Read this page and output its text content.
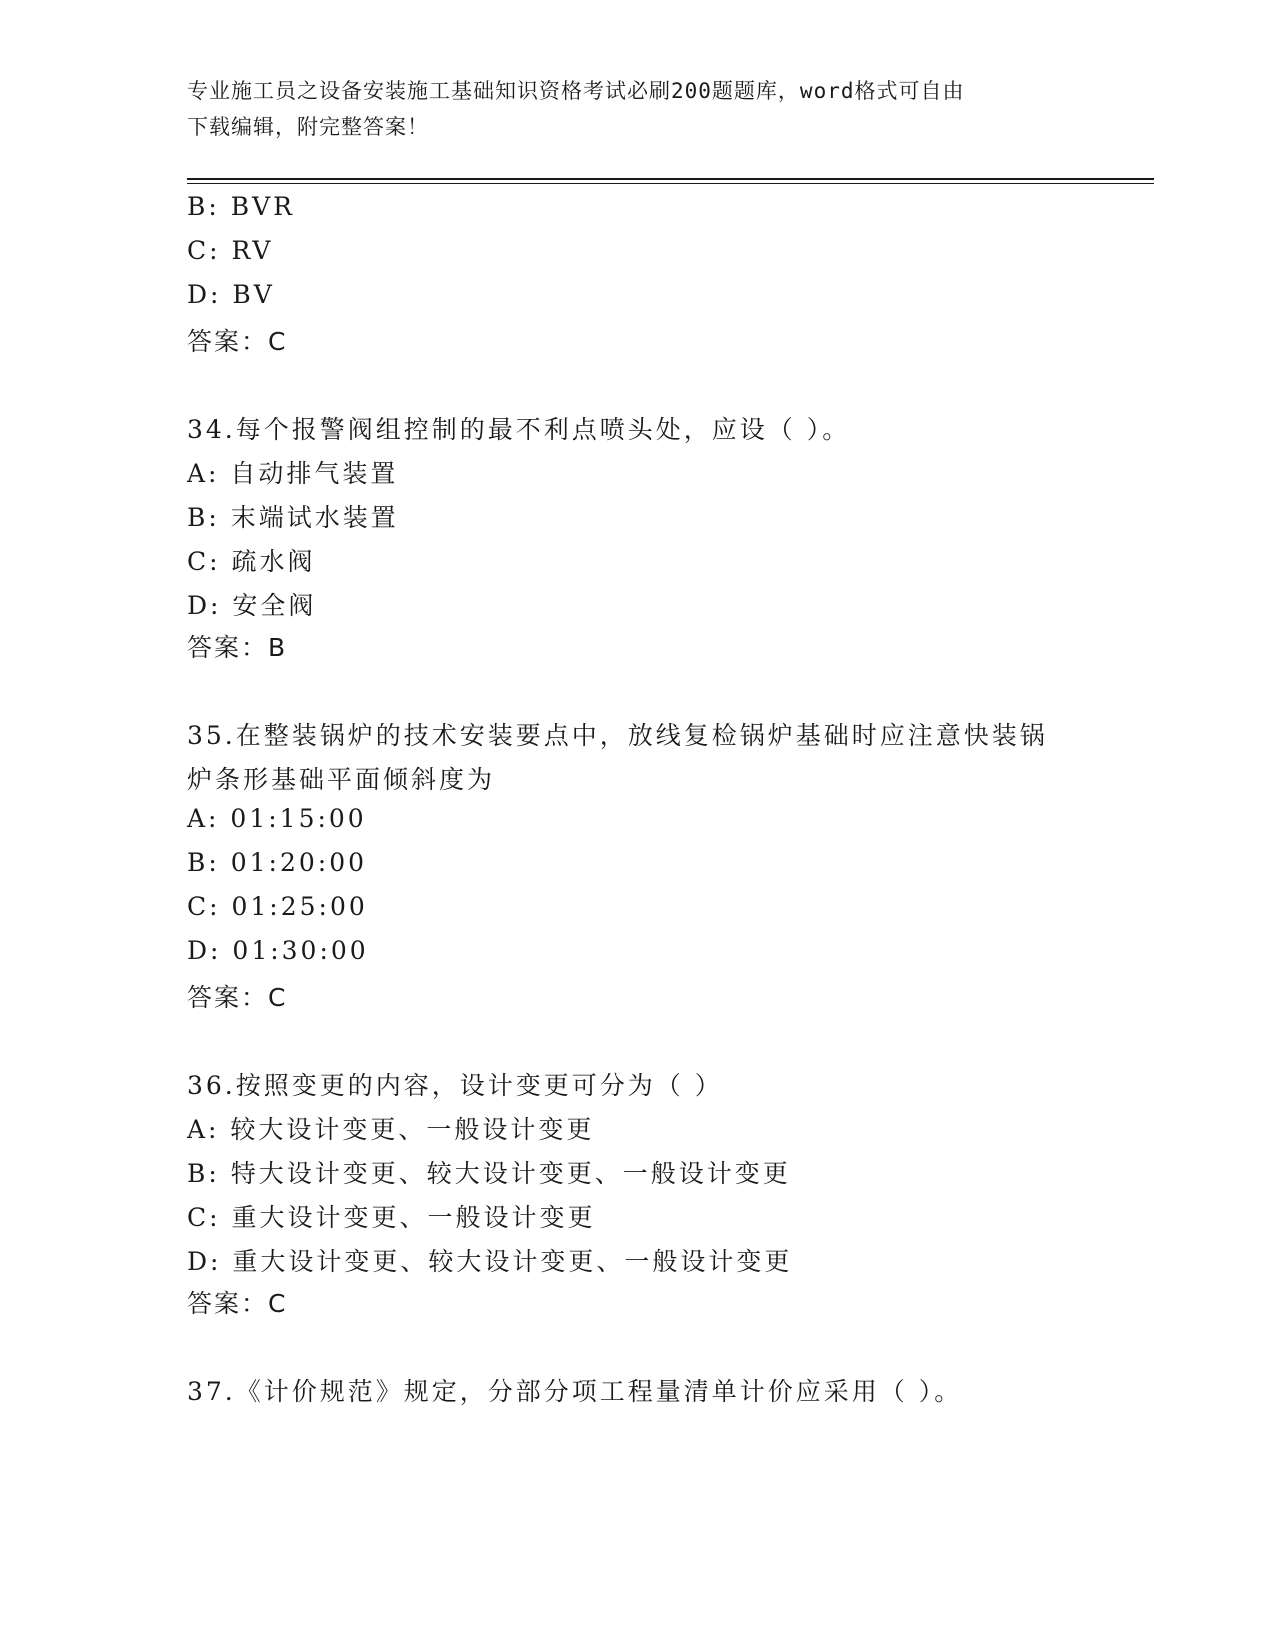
专业施工员之设备安装施工基础知识资格考试必刷200题题库，word格式可自由
下载编辑，附完整答案！
B: BVR
C: RV
D: BV
答案：C
34.每个报警阀组控制的最不利点喷头处，应设（ ）。
A: 自动排气装置
B: 末端试水装置
C: 疏水阀
D: 安全阀
答案：B
35.在整装锅炉的技术安装要点中，放线复检锅炉基础时应注意快装锅
炉条形基础平面倾斜度为
A: 01:15:00
B: 01:20:00
C: 01:25:00
D: 01:30:00
答案：C
36.按照变更的内容，设计变更可分为（ ）
A: 较大设计变更、一般设计变更
B: 特大设计变更、较大设计变更、一般设计变更
C: 重大设计变更、一般设计变更
D: 重大设计变更、较大设计变更、一般设计变更
答案：C
37.《计价规范》规定，分部分项工程量清单计价应采用（ ）。
